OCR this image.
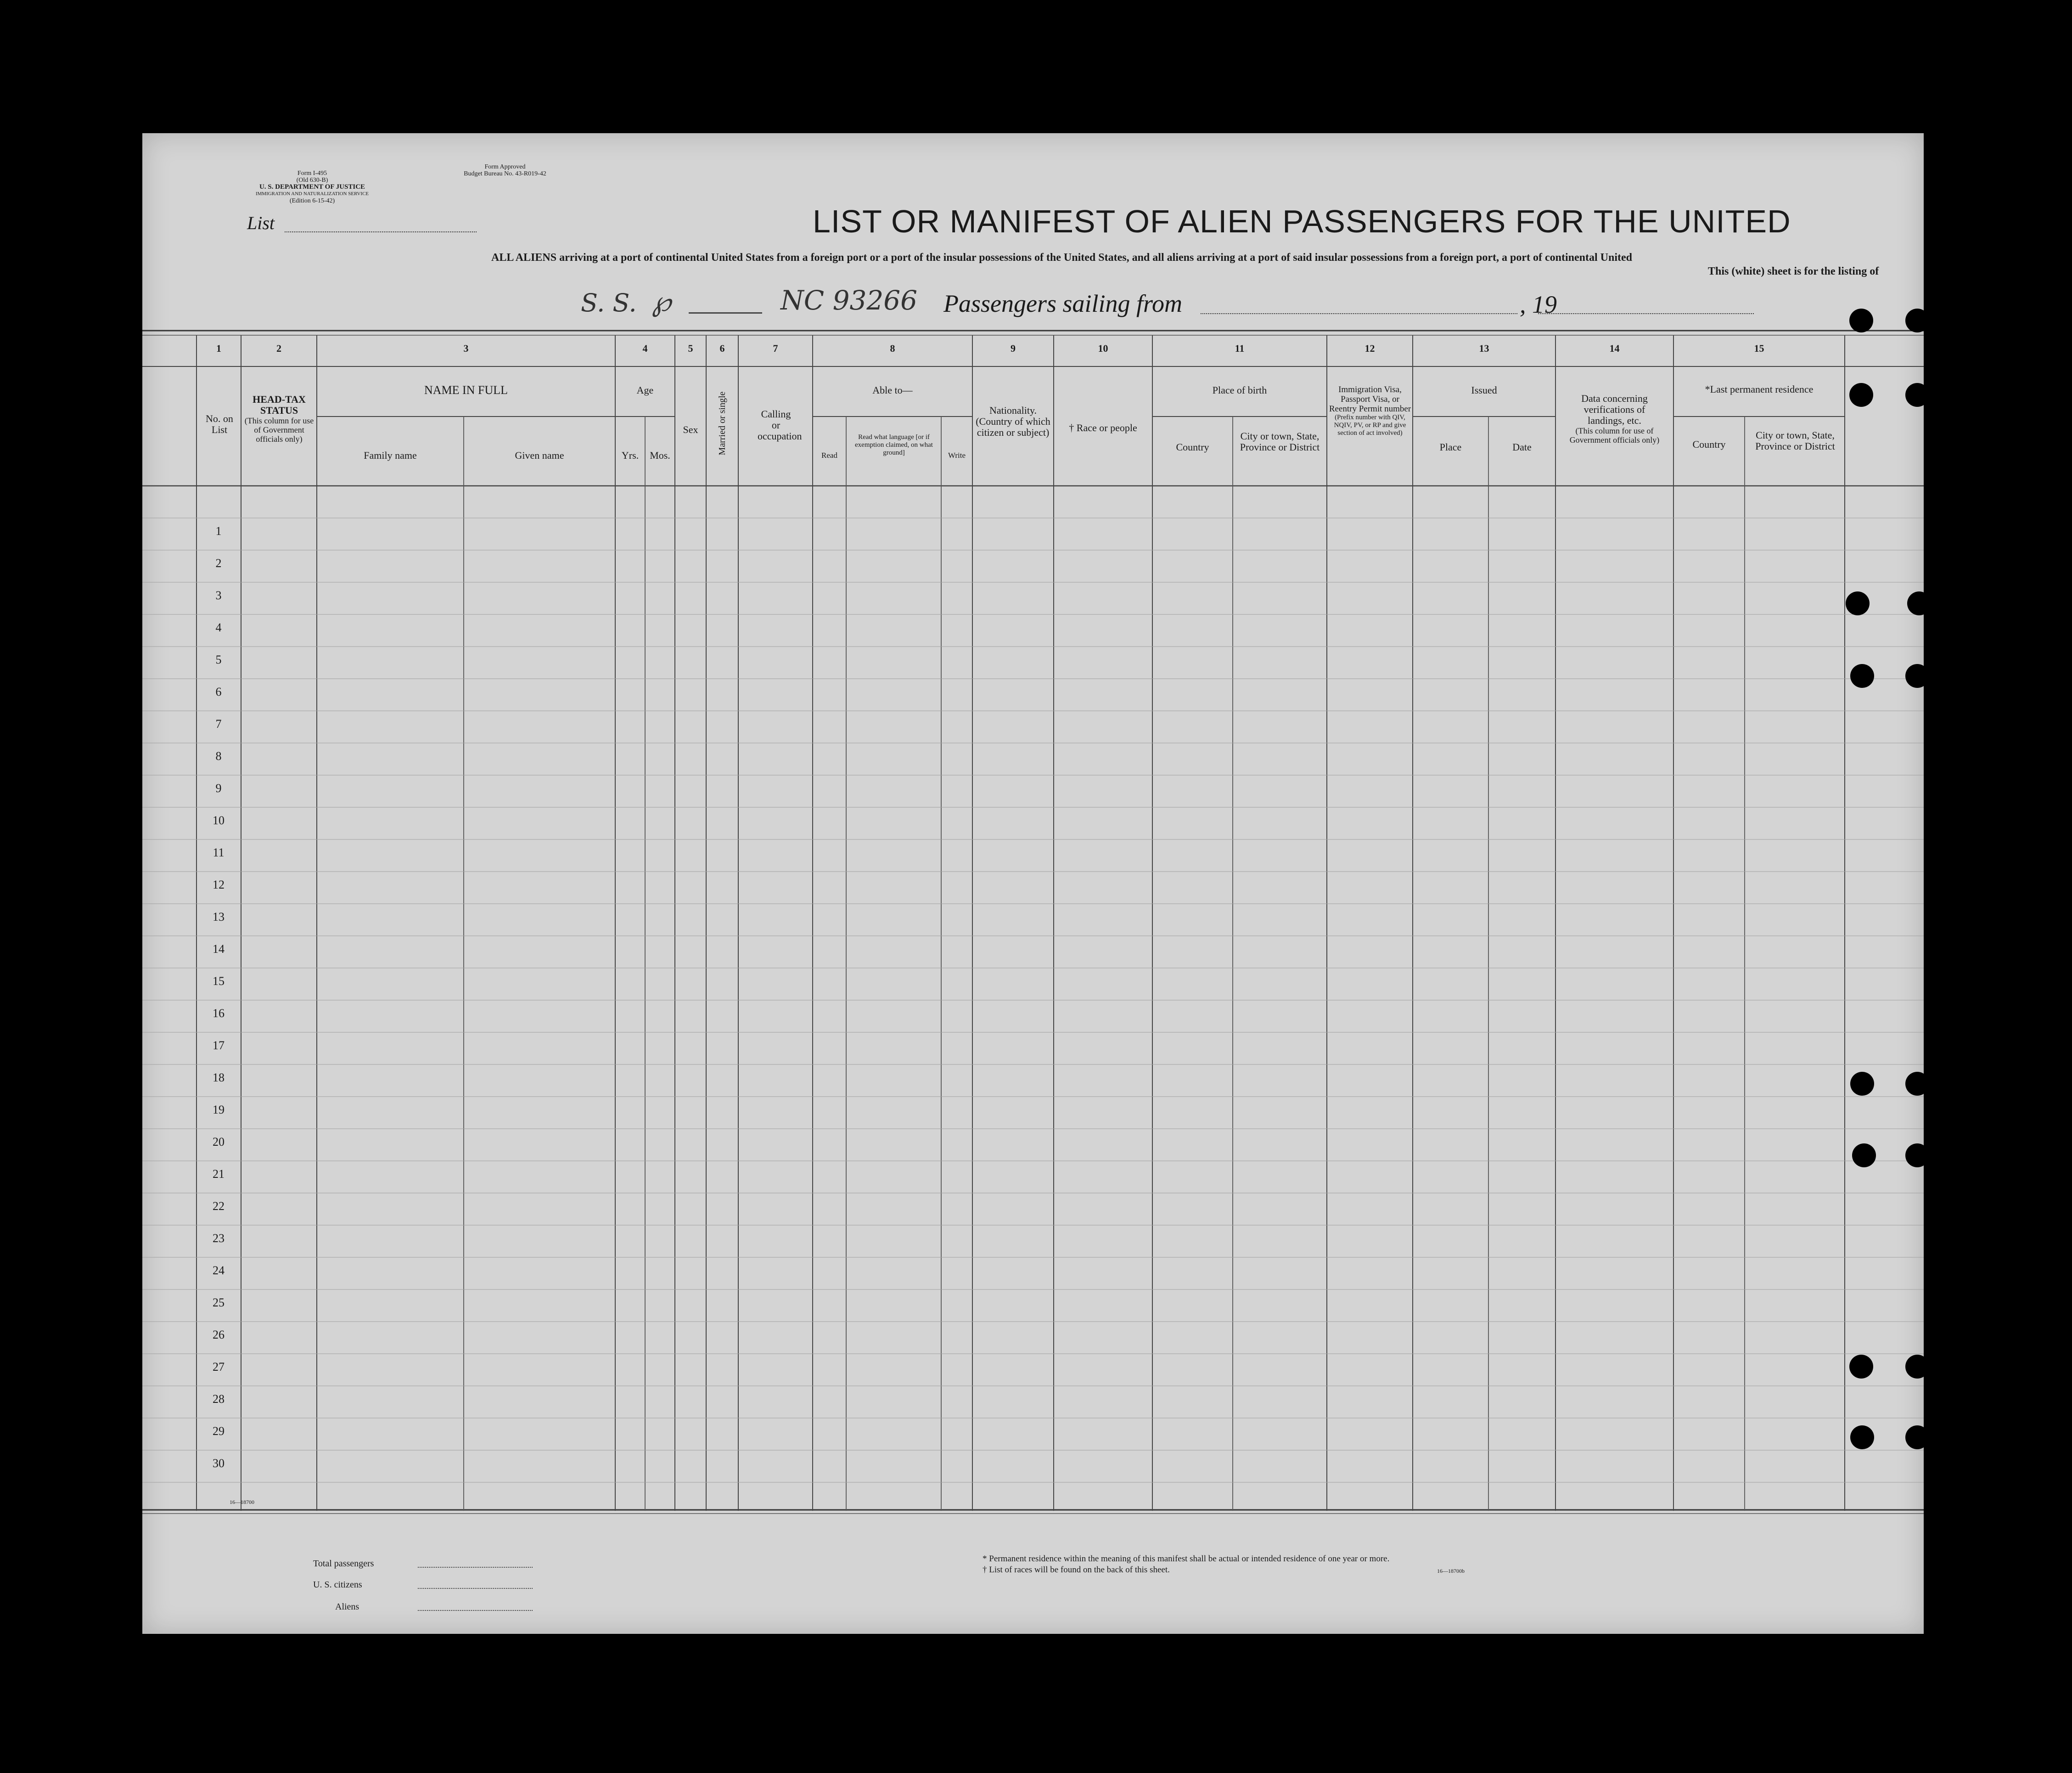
Form I-495
(Old 630-B)
U. S. DEPARTMENT OF JUSTICE
IMMIGRATION AND NATURALIZATION SERVICE
(Edition 6-15-42)
Form Approved
Budget Bureau No. 43-R019-42
List	LIST OR MANIFEST OF ALIEN PASSENGERS FOR THE UNITED
ALL ALIENS arriving at a port of continental United States from a foreign port or a port of the insular possessions of the United States, and all aliens arriving at a port of said insular possessions from a foreign port, a port of continental United
This (white) sheet is for the listing of
S. S. ℘	NC 93266 Passengers sailing from	, 19
1	2	3	4	5	6	7	8	9	10	11	12	13	14	15
No. on List
HEAD-TAX STATUS
(This column for use of Government officials only)
NAME IN FULL
Family name	Given name
Age
Yrs.	Mos.
Sex	Married or single	Calling or occupation
Able to—
Read
Read what language [or if exemption claimed, on what ground]	Write
Nationality. (Country of which citizen or subject)	† Race or people
Place of birth
Country
City or town, State, Province or District
Immigration Visa, Passport Visa, or Reentry Permit number
(Prefix number with QIV, NQIV, PV, or RP and give section of act involved)
Issued
Place	Date
Data concerning verifications of landings, etc.
(This column for use of Government officials only)
*Last permanent residence
Country
City or town, State, Province or District
1
2
3
4
5
6
7
8
9
10
11
12
13
14
15
16
17
18
19
20
21
22
23
24
25
26
27
28
29
30
16—18700
Total passengers
U. S. citizens
Aliens
* Permanent residence within the meaning of this manifest shall be actual or intended residence of one year or more.
† List of races will be found on the back of this sheet.	16—18700b
